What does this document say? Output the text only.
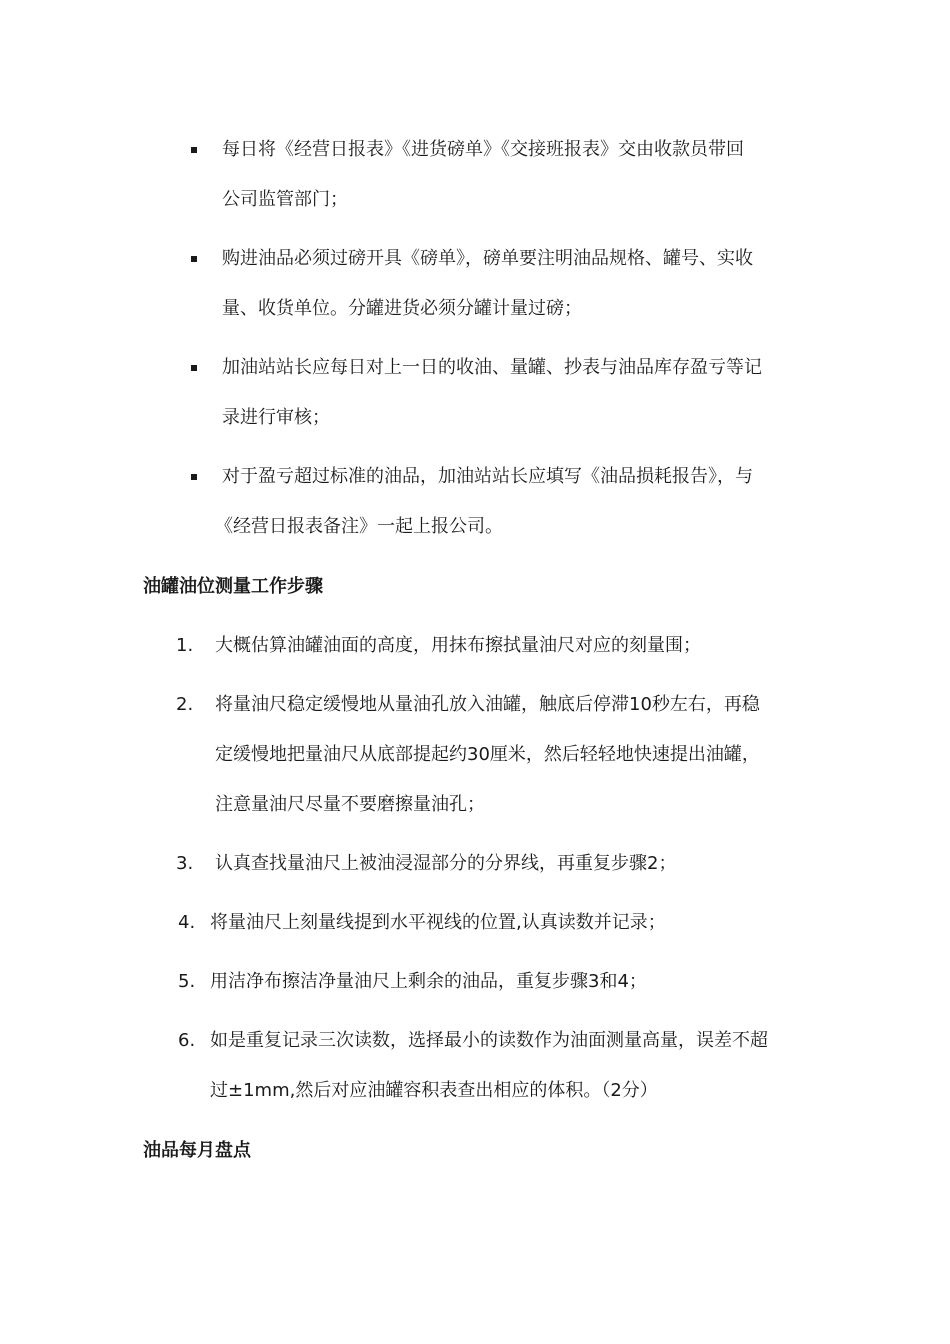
每日将《经营日报表》《进货磅单》《交接班报表》交由收款员带回
公司监管部门；
购进油品必须过磅开具《磅单》，磅单要注明油品规格、罐号、实收
量、收货单位。分罐进货必须分罐计量过磅；
加油站站长应每日对上一日的收油、量罐、抄表与油品库存盈亏等记
录进行审核；
对于盈亏超过标准的油品，加油站站长应填写《油品损耗报告》，与
《经营日报表备注》一起上报公司。
油罐油位测量工作步骤
1. 大概估算油罐油面的高度，用抹布擦拭量油尺对应的刻量围；
2. 将量油尺稳定缓慢地从量油孔放入油罐，触底后停滞10秒左右，再稳
定缓慢地把量油尺从底部提起约30厘米，然后轻轻地快速提出油罐，
注意量油尺尽量不要磨擦量油孔；
3. 认真查找量油尺上被油浸湿部分的分界线，再重复步骤2；
4. 将量油尺上刻量线提到水平视线的位置,认真读数并记录；
5. 用洁净布擦洁净量油尺上剩余的油品，重复步骤3和4；
6. 如是重复记录三次读数，选择最小的读数作为油面测量高量，误差不超
过±1mm,然后对应油罐容积表查出相应的体积。（2分）
油品每月盘点
